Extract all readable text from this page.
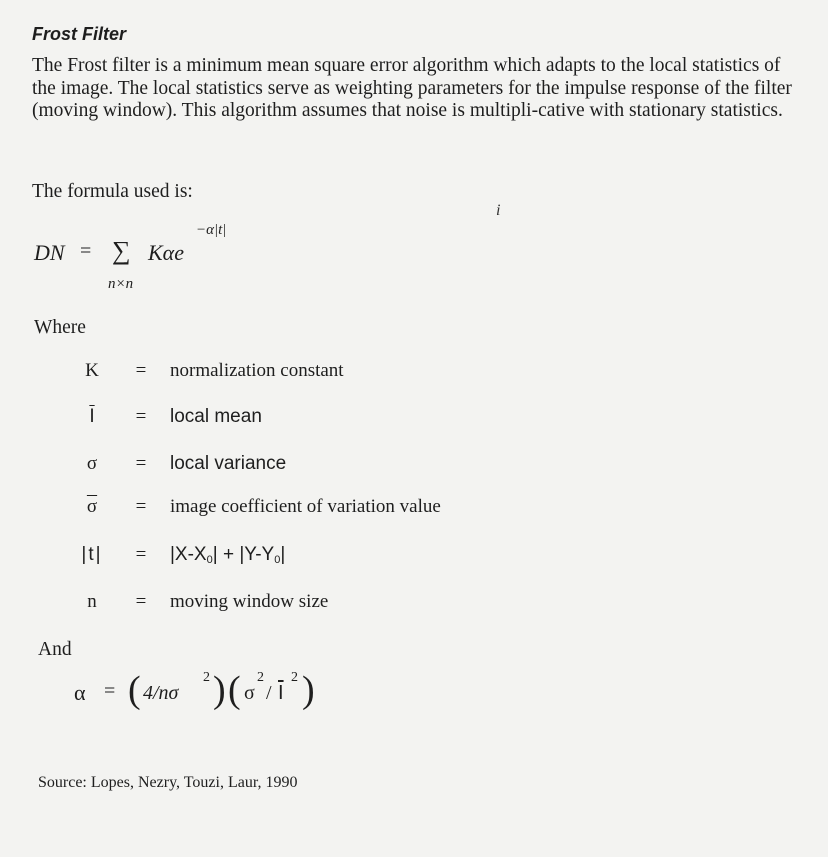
Frost Filter

The Frost filter is a minimum mean square error algorithm which adapts to the local statistics of the image. The local statistics serve as weighting parameters for the impulse response of the filter (moving window). This algorithm assumes that noise is multipli-cative with stationary statistics.

The formula used is:
i
DN = ∑ Kαe
−α|t|
n×n
Where
K	= normalization constant
$\overline{I}$	= local mean
σ	= local variance
$\overline{\sigma}$	= image coefficient of variation value
|t|	= $|X-X_0| + |Y-Y_0|$
n	= moving window size
And
α = ( 4/nσ
2 ) ( σ
2
/ $\overline{I}$
2 )
Source: Lopes, Nezry, Touzi, Laur, 1990
